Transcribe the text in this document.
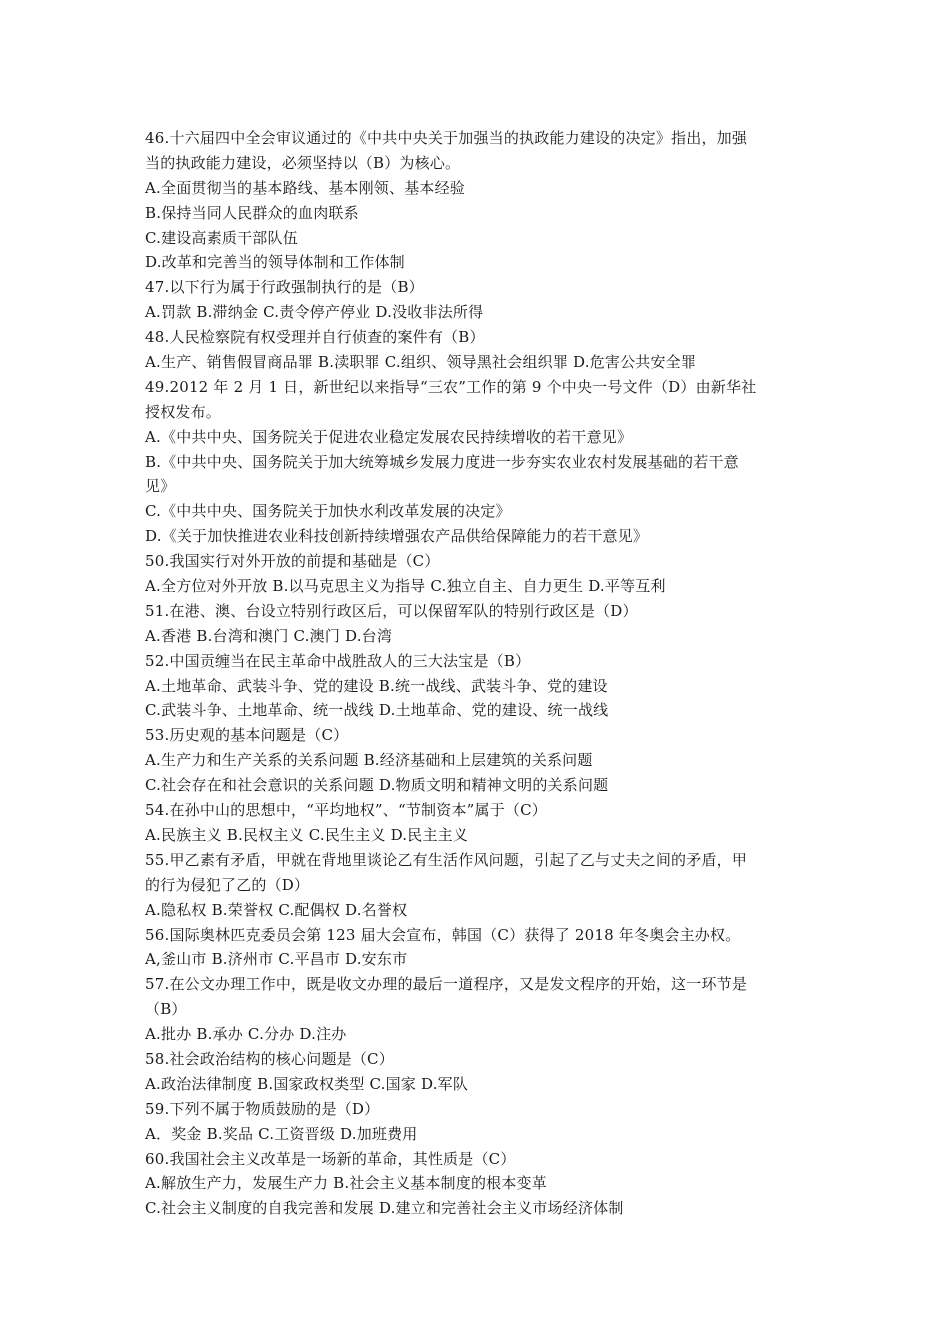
46.十六届四中全会审议通过的《中共中央关于加强当的执政能力建设的决定》指出，加强
当的执政能力建设，必须坚持以（B）为核心。
A.全面贯彻当的基本路线、基本刚领、基本经验
B.保持当同人民群众的血肉联系
C.建设高素质干部队伍
D.改革和完善当的领导体制和工作体制
47.以下行为属于行政强制执行的是（B）
A.罚款 B.滞纳金 C.责令停产停业 D.没收非法所得
48.人民检察院有权受理并自行侦查的案件有（B）
A.生产、销售假冒商品罪 B.渎职罪 C.组织、领导黑社会组织罪 D.危害公共安全罪
49.2012 年 2 月 1 日，新世纪以来指导“三农”工作的第 9 个中央一号文件（D）由新华社
授权发布。
A.《中共中央、国务院关于促进农业稳定发展农民持续增收的若干意见》
B.《中共中央、国务院关于加大统筹城乡发展力度进一步夯实农业农村发展基础的若干意
见》
C.《中共中央、国务院关于加快水利改革发展的决定》
D.《关于加快推进农业科技创新持续增强农产品供给保障能力的若干意见》
50.我国实行对外开放的前提和基础是（C）
A.全方位对外开放 B.以马克思主义为指导 C.独立自主、自力更生 D.平等互利
51.在港、澳、台设立特别行政区后，可以保留军队的特别行政区是（D）
A.香港 B.台湾和澳门 C.澳门 D.台湾
52.中国贡缠当在民主革命中战胜敌人的三大法宝是（B）
A.土地革命、武装斗争、党的建设 B.统一战线、武装斗争、党的建设
C.武装斗争、土地革命、统一战线 D.土地革命、党的建设、统一战线
53.历史观的基本问题是（C）
A.生产力和生产关系的关系问题 B.经济基础和上层建筑的关系问题
C.社会存在和社会意识的关系问题 D.物质文明和精神文明的关系问题
54.在孙中山的思想中，“平均地权”、“节制资本”属于（C）
A.民族主义 B.民权主义 C.民生主义 D.民主主义
55.甲乙素有矛盾，甲就在背地里谈论乙有生活作风问题，引起了乙与丈夫之间的矛盾，甲
的行为侵犯了乙的（D）
A.隐私权 B.荣誉权 C.配偶权 D.名誉权
56.国际奥林匹克委员会第 123 届大会宣布，韩国（C）获得了 2018 年冬奥会主办权。
A,釜山市 B.济州市 C.平昌市 D.安东市
57.在公文办理工作中，既是收文办理的最后一道程序，又是发文程序的开始，这一环节是
（B）
A.批办 B.承办 C.分办 D.注办
58.社会政治结构的核心问题是（C）
A.政治法律制度 B.国家政权类型 C.国家 D.军队
59.下列不属于物质鼓励的是（D）
A．奖金 B.奖品 C.工资晋级 D.加班费用
60.我国社会主义改革是一场新的革命，其性质是（C）
A.解放生产力，发展生产力 B.社会主义基本制度的根本变革
C.社会主义制度的自我完善和发展 D.建立和完善社会主义市场经济体制
